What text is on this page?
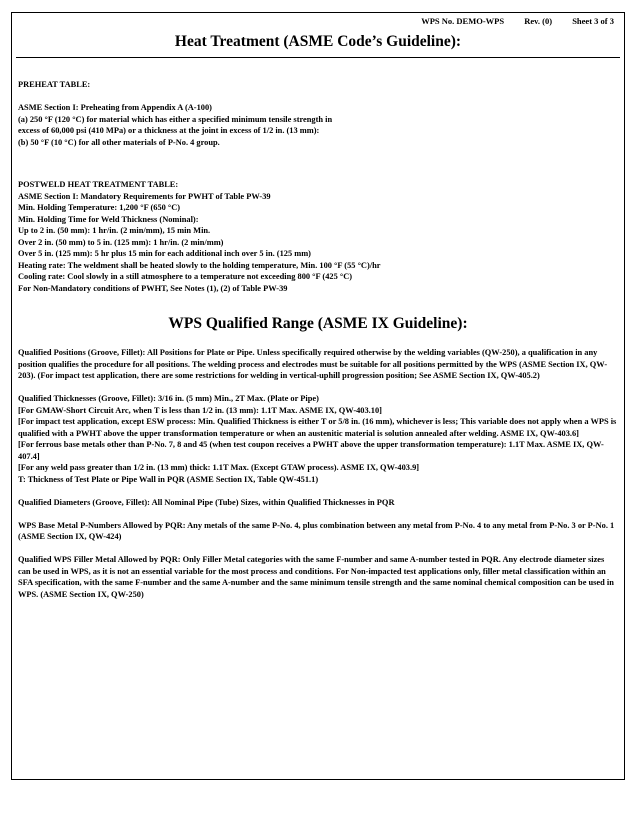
WPS No. DEMO-WPS Rev. (0) Sheet 3 of 3
Heat Treatment (ASME Code’s Guideline):

PREHEAT TABLE:

ASME Section I: Preheating from Appendix A (A-100)

(a) 250 °F (120 °C) for material which has either a specified minimum tensile strength in

excess of 60,000 psi (410 MPa) or a thickness at the joint in excess of 1/2 in. (13 mm):

(b) 50 °F (10 °C) for all other materials of P-No. 4 group.

POSTWELD HEAT TREATMENT TABLE:

ASME Section I: Mandatory Requirements for PWHT of Table PW-39

Min. Holding Temperature: 1,200 °F (650 °C)

Min. Holding Time for Weld Thickness (Nominal):

Up to 2 in. (50 mm): 1 hr/in. (2 min/mm), 15 min Min.

Over 2 in. (50 mm) to 5 in. (125 mm): 1 hr/in. (2 min/mm)

Over 5 in. (125 mm): 5 hr plus 15 min for each additional inch over 5 in. (125 mm)

Heating rate: The weldment shall be heated slowly to the holding temperature, Min. 100 °F (55 °C)/hr

Cooling rate: Cool slowly in a still atmosphere to a temperature not exceeding 800 °F (425 °C)

For Non-Mandatory conditions of PWHT, See Notes (1), (2) of Table PW-39

WPS Qualified Range (ASME IX Guideline):

Qualified Positions (Groove, Fillet): All Positions for Plate or Pipe. Unless specifically required otherwise by the welding variables (QW-250), a qualification in any position qualifies the procedure for all positions. The welding process and electrodes must be suitable for all positions permitted by the WPS (ASME Section IX, QW-203). (For impact test application, there are some restrictions for welding in vertical-uphill progression position; See ASME Section IX, QW-405.2)

Qualified Thicknesses (Groove, Fillet): 3/16 in. (5 mm) Min., 2T Max. (Plate or Pipe)

[For GMAW-Short Circuit Arc, when T is less than 1/2 in. (13 mm): 1.1T Max. ASME IX, QW-403.10]

[For impact test application, except ESW process: Min. Qualified Thickness is either T or 5/8 in. (16 mm), whichever is less; This variable does not apply when a WPS is qualified with a PWHT above the upper transformation temperature or when an austenitic material is solution annealed after welding. ASME IX, QW-403.6]

[For ferrous base metals other than P-No. 7, 8 and 45 (when test coupon receives a PWHT above the upper transformation temperature): 1.1T Max. ASME IX, QW-407.4]

[For any weld pass greater than 1/2 in. (13 mm) thick: 1.1T Max. (Except GTAW process). ASME IX, QW-403.9]

T: Thickness of Test Plate or Pipe Wall in PQR (ASME Section IX, Table QW-451.1)

Qualified Diameters (Groove, Fillet): All Nominal Pipe (Tube) Sizes, within Qualified Thicknesses in PQR

WPS Base Metal P-Numbers Allowed by PQR: Any metals of the same P-No. 4, plus combination between any metal from P-No. 4 to any metal from P-No. 3 or P-No. 1 (ASME Section IX, QW-424)

Qualified WPS Filler Metal Allowed by PQR: Only Filler Metal categories with the same F-number and same A-number tested in PQR. Any electrode diameter sizes can be used in WPS, as it is not an essential variable for the most process and conditions. For Non-impacted test applications only, filler metal classification within an SFA specification, with the same F-number and the same A-number and the same minimum tensile strength and the same nominal chemical composition can be used in WPS. (ASME Section IX, QW-250)
